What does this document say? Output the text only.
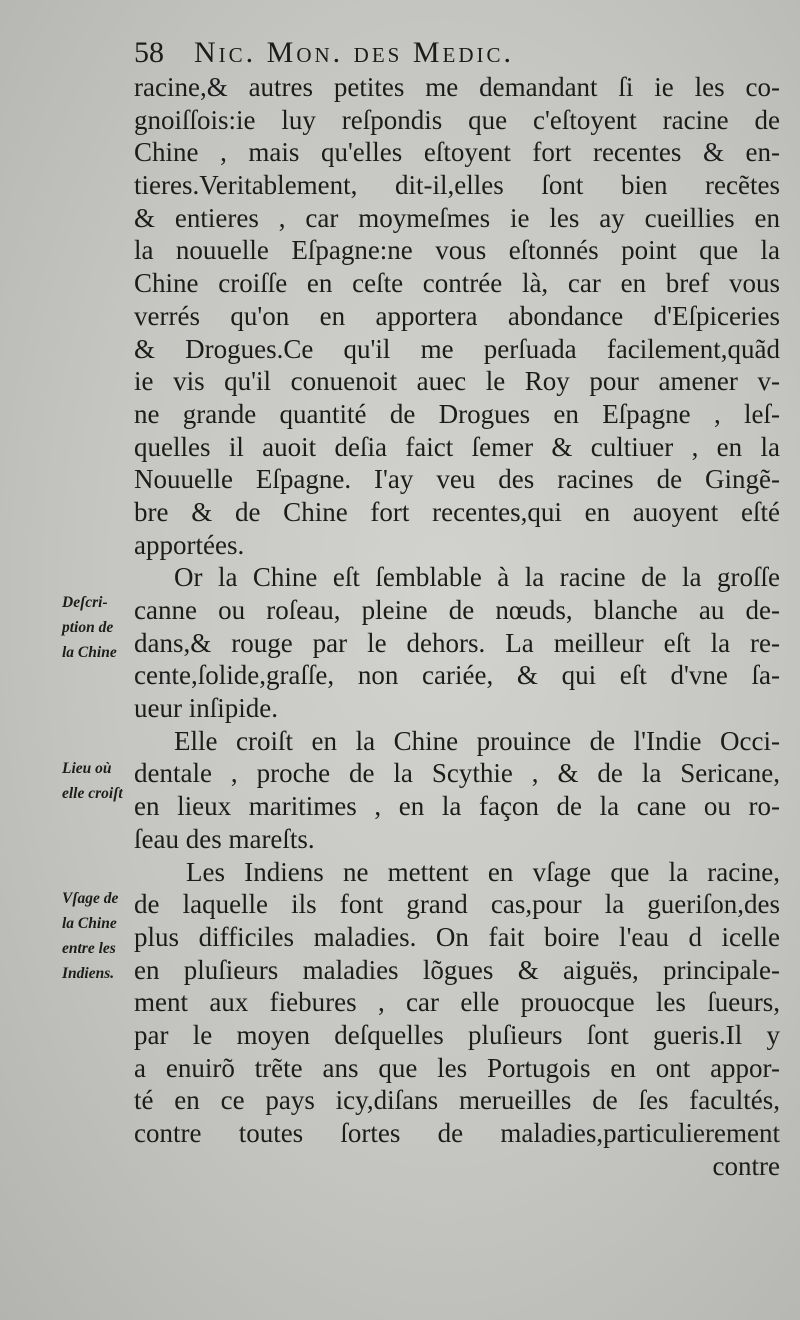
58 Nic. Mon. des Medic.
racine,& autres petites me demandant ſi ie les co-
gnoiſſois:ie luy reſpondis que c'eſtoyent racine de
Chine , mais qu'elles eſtoyent fort recentes & en-
tieres.Veritablement, dit-il,elles ſont bien recẽtes
& entieres , car moymeſmes ie les ay cueillies en
la nouuelle Eſpagne:ne vous eſtonnés point que la
Chine croiſſe en ceſte contrée là, car en bref vous
verrés qu'on en apportera abondance d'Eſpiceries
& Drogues.Ce qu'il me perſuada facilement,quãd
ie vis qu'il conuenoit auec le Roy pour amener v-
ne grande quantité de Drogues en Eſpagne , leſ-
quelles il auoit deſia faict ſemer & cultiuer , en la
Nouuelle Eſpagne. I'ay veu des racines de Gingẽ-
bre & de Chine fort recentes,qui en auoyent eſté
apportées.
Or la Chine eſt ſemblable à la racine de la groſſe
canne ou roſeau, pleine de nœuds, blanche au de-
dans,& rouge par le dehors. La meilleur eſt la re-
cente,ſolide,graſſe, non cariée, & qui eſt d'vne ſa-
ueur inſipide.
Elle croiſt en la Chine prouince de l'Indie Occi-
dentale , proche de la Scythie , & de la Sericane,
en lieux maritimes , en la façon de la cane ou ro-
ſeau des mareſts.
Les Indiens ne mettent en vſage que la racine,
de laquelle ils font grand cas,pour la gueriſon,des
plus difficiles maladies. On fait boire l'eau d icelle
en pluſieurs maladies lõgues & aiguës, principale-
ment aux fiebures , car elle prouocque les ſueurs,
par le moyen deſquelles pluſieurs ſont gueris.Il y
a enuirõ trẽte ans que les Portugois en ont appor-
té en ce pays icy,diſans merueilles de ſes facultés,
contre toutes ſortes de maladies,particulierement
contre
Deſcri-
ption de
la Chine
Lieu où
elle croiſt
Vſage de
la Chine
entre les
Indiens.
